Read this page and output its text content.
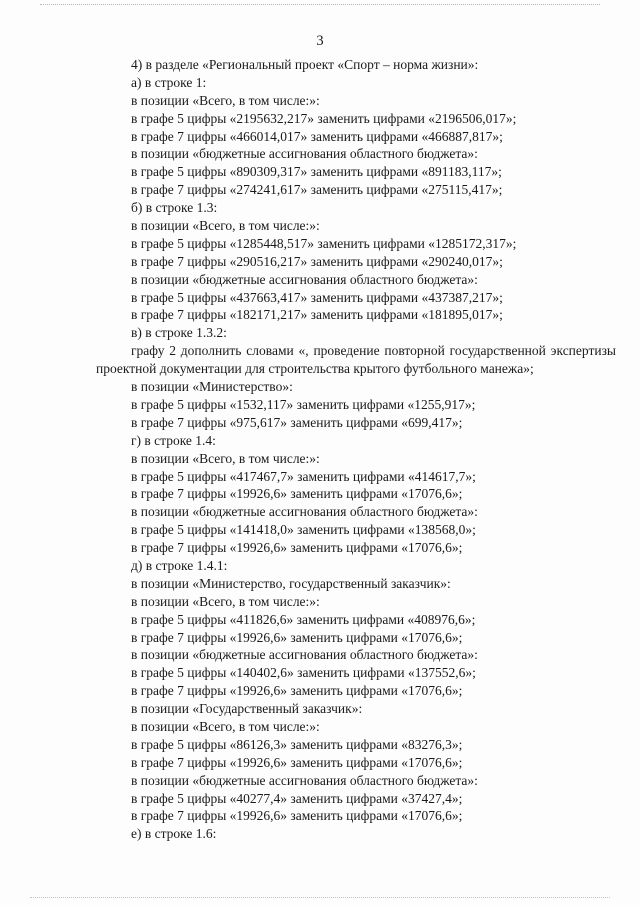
3
4) в разделе «Региональный проект «Спорт – норма жизни»:
а) в строке 1:
в позиции «Всего, в том числе:»:
в графе 5 цифры «2195632,217» заменить цифрами «2196506,017»;
в графе 7 цифры «466014,017» заменить цифрами «466887,817»;
в позиции «бюджетные ассигнования областного бюджета»:
в графе 5 цифры «890309,317» заменить цифрами «891183,117»;
в графе 7 цифры «274241,617» заменить цифрами «275115,417»;
б) в строке 1.3:
в позиции «Всего, в том числе:»:
в графе 5 цифры «1285448,517» заменить цифрами «1285172,317»;
в графе 7 цифры «290516,217» заменить цифрами «290240,017»;
в позиции «бюджетные ассигнования областного бюджета»:
в графе 5 цифры «437663,417» заменить цифрами «437387,217»;
в графе 7 цифры «182171,217» заменить цифрами «181895,017»;
в) в строке 1.3.2:

графу 2 дополнить словами «, проведение повторной государственной экспертизы проектной документации для строительства крытого футбольного манежа»;

в позиции «Министерство»:
в графе 5 цифры «1532,117» заменить цифрами «1255,917»;
в графе 7 цифры «975,617» заменить цифрами «699,417»;
г) в строке 1.4:
в позиции «Всего, в том числе:»:
в графе 5 цифры «417467,7» заменить цифрами «414617,7»;
в графе 7 цифры «19926,6» заменить цифрами «17076,6»;
в позиции «бюджетные ассигнования областного бюджета»:
в графе 5 цифры «141418,0» заменить цифрами «138568,0»;
в графе 7 цифры «19926,6» заменить цифрами «17076,6»;
д) в строке 1.4.1:
в позиции «Министерство, государственный заказчик»:
в позиции «Всего, в том числе:»:
в графе 5 цифры «411826,6» заменить цифрами «408976,6»;
в графе 7 цифры «19926,6» заменить цифрами «17076,6»;
в позиции «бюджетные ассигнования областного бюджета»:
в графе 5 цифры «140402,6» заменить цифрами «137552,6»;
в графе 7 цифры «19926,6» заменить цифрами «17076,6»;
в позиции «Государственный заказчик»:
в позиции «Всего, в том числе:»:
в графе 5 цифры «86126,3» заменить цифрами «83276,3»;
в графе 7 цифры «19926,6» заменить цифрами «17076,6»;
в позиции «бюджетные ассигнования областного бюджета»:
в графе 5 цифры «40277,4» заменить цифрами «37427,4»;
в графе 7 цифры «19926,6» заменить цифрами «17076,6»;
е) в строке 1.6:
